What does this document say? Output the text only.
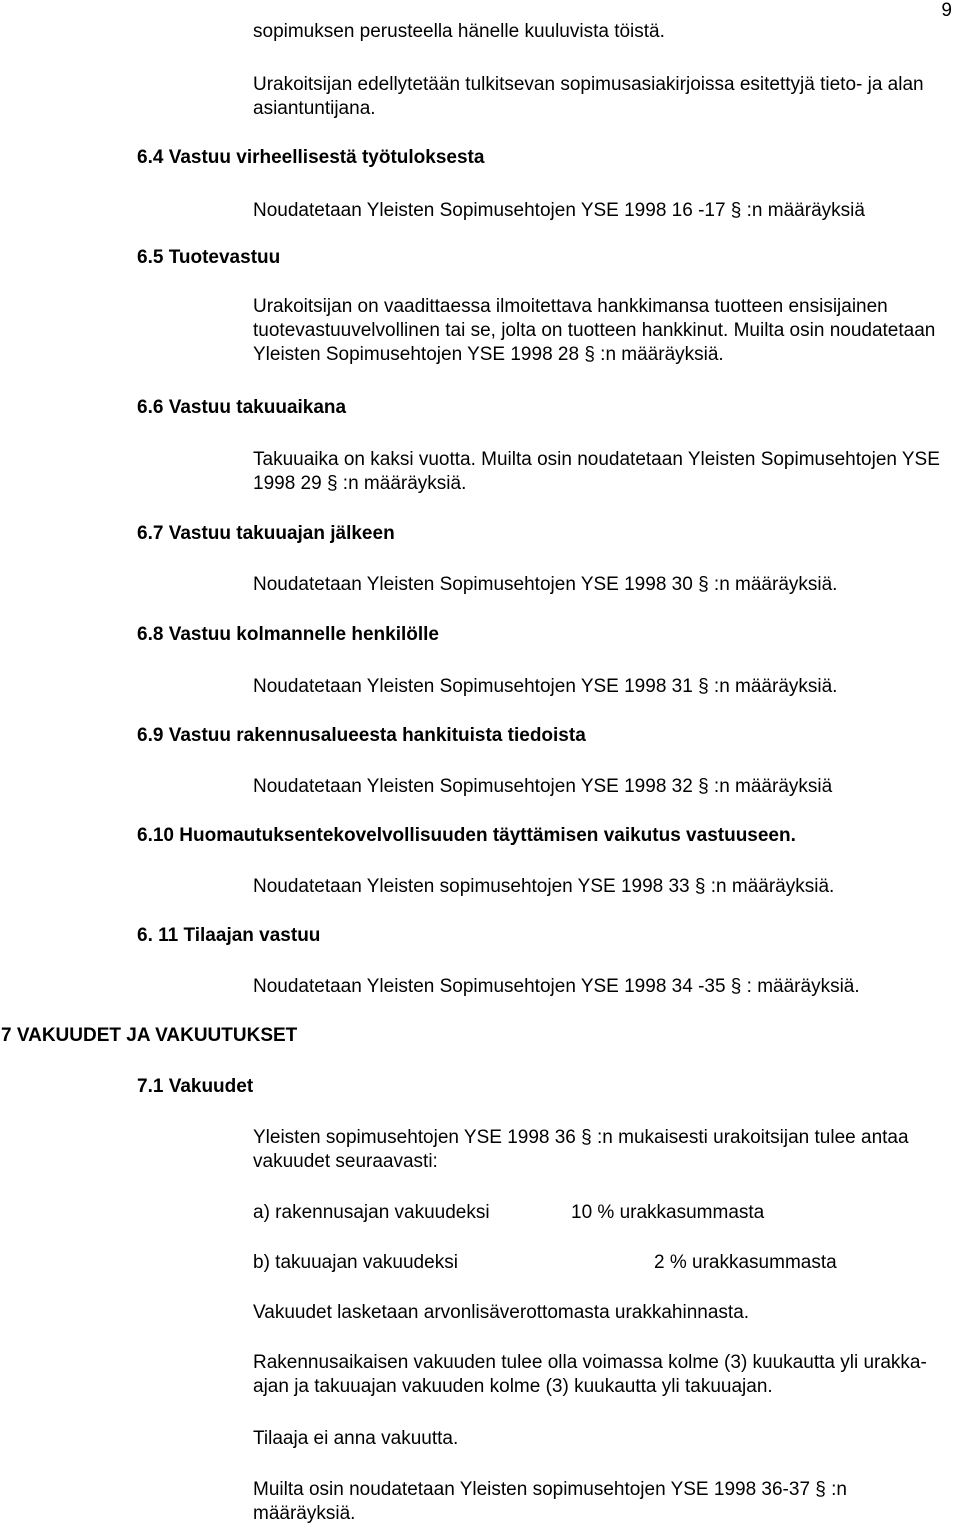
9
sopimuksen perusteella hänelle kuuluvista töistä.

Urakoitsijan edellytetään tulkitsevan sopimusasiakirjoissa esitettyjä tieto- ja alan asiantuntijana.

6.4 Vastuu virheellisestä työtuloksesta
Noudatetaan Yleisten Sopimusehtojen YSE 1998 16 -17 § :n määräyksiä
6.5 Tuotevastuu

Urakoitsijan on vaadittaessa ilmoitettava hankkimansa tuotteen ensisijainen tuotevastuuvelvollinen tai se, jolta on tuotteen hankkinut. Muilta osin noudatetaan Yleisten Sopimusehtojen YSE 1998 28 § :n määräyksiä.

6.6 Vastuu takuuaikana

Takuuaika on kaksi vuotta. Muilta osin noudatetaan Yleisten Sopimusehtojen YSE 1998 29 § :n määräyksiä.

6.7 Vastuu takuuajan jälkeen
Noudatetaan Yleisten Sopimusehtojen YSE 1998 30 § :n määräyksiä.
6.8 Vastuu kolmannelle henkilölle
Noudatetaan Yleisten Sopimusehtojen YSE 1998 31 § :n määräyksiä.
6.9 Vastuu rakennusalueesta hankituista tiedoista
Noudatetaan Yleisten Sopimusehtojen YSE 1998 32 § :n määräyksiä
6.10 Huomautuksentekovelvollisuuden täyttämisen vaikutus vastuuseen.
Noudatetaan Yleisten sopimusehtojen YSE 1998 33 § :n määräyksiä.
6. 11 Tilaajan vastuu
Noudatetaan Yleisten Sopimusehtojen YSE 1998 34 -35 § : määräyksiä.
7 VAKUUDET JA VAKUUTUKSET
7.1 Vakuudet

Yleisten sopimusehtojen YSE 1998 36 § :n mukaisesti urakoitsijan tulee antaa vakuudet seuraavasti:

a) rakennusajan vakuudeksi	10 % urakkasummasta
b) takuuajan vakuudeksi	2 % urakkasummasta
Vakuudet lasketaan arvonlisäverottomasta urakkahinnasta.

Rakennusaikaisen vakuuden tulee olla voimassa kolme (3) kuukautta yli urakka-ajan ja takuuajan vakuuden kolme (3) kuukautta yli takuuajan.

Tilaaja ei anna vakuutta.

Muilta osin noudatetaan Yleisten sopimusehtojen YSE 1998 36-37 § :n määräyksiä.
